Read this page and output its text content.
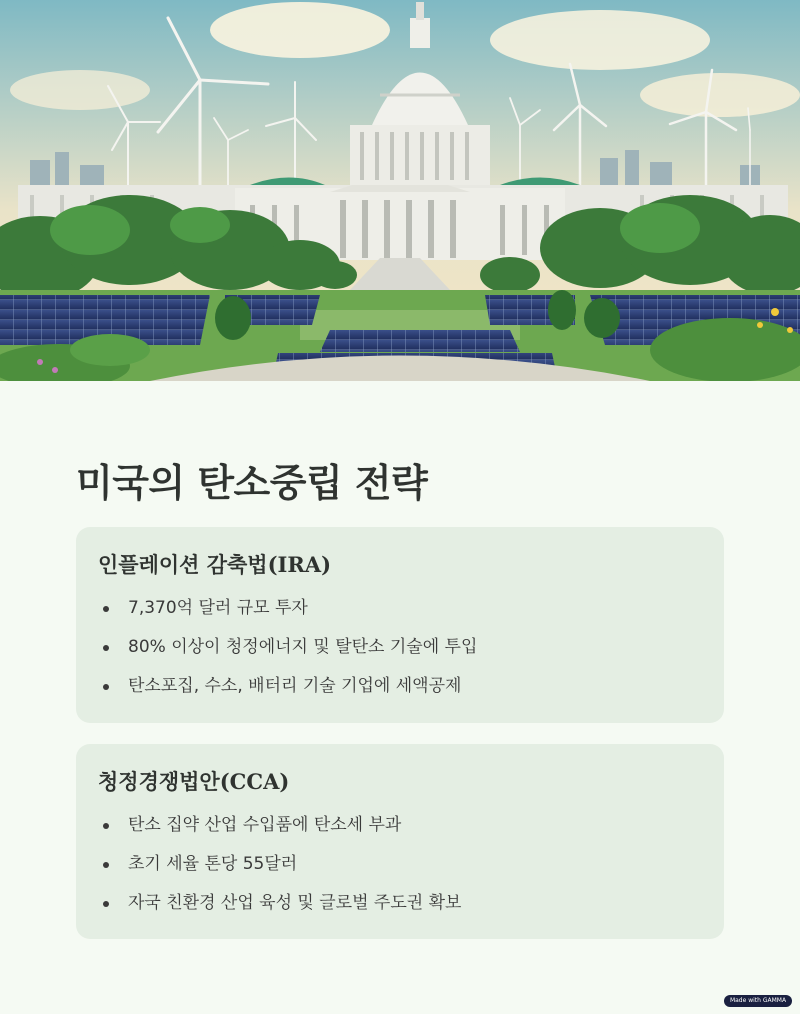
미국의 탄소중립 전략
인플레이션 감축법(IRA)
7,370억 달러 규모 투자
80% 이상이 청정에너지 및 탈탄소 기술에 투입
탄소포집, 수소, 배터리 기술 기업에 세액공제
청정경쟁법안(CCA)
탄소 집약 산업 수입품에 탄소세 부과
초기 세율 톤당 55달러
자국 친환경 산업 육성 및 글로벌 주도권 확보
Made with GAMMA
